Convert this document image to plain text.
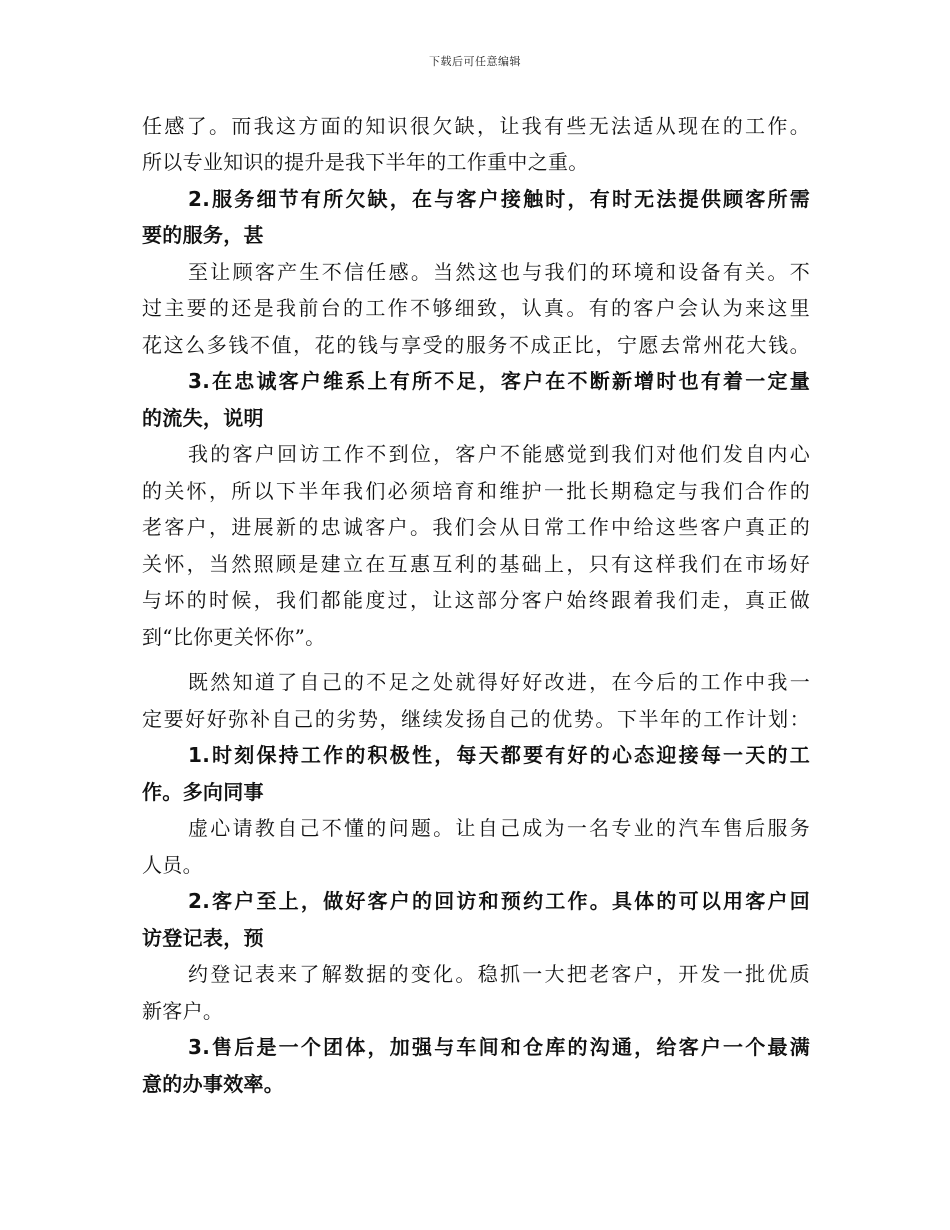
下载后可任意编辑
任感了。而我这方面的知识很欠缺，让我有些无法适从现在的工作。
所以专业知识的提升是我下半年的工作重中之重。
2.服务细节有所欠缺，在与客户接触时，有时无法提供顾客所需
要的服务，甚
至让顾客产生不信任感。当然这也与我们的环境和设备有关。不
过主要的还是我前台的工作不够细致，认真。有的客户会认为来这里
花这么多钱不值，花的钱与享受的服务不成正比，宁愿去常州花大钱。
3.在忠诚客户维系上有所不足，客户在不断新增时也有着一定量
的流失，说明
我的客户回访工作不到位，客户不能感觉到我们对他们发自内心
的关怀，所以下半年我们必须培育和维护一批长期稳定与我们合作的
老客户，进展新的忠诚客户。我们会从日常工作中给这些客户真正的
关怀，当然照顾是建立在互惠互利的基础上，只有这样我们在市场好
与坏的时候，我们都能度过，让这部分客户始终跟着我们走，真正做
到“比你更关怀你”。
既然知道了自己的不足之处就得好好改进，在今后的工作中我一
定要好好弥补自己的劣势，继续发扬自己的优势。下半年的工作计划：
1.时刻保持工作的积极性，每天都要有好的心态迎接每一天的工
作。多向同事
虚心请教自己不懂的问题。让自己成为一名专业的汽车售后服务
人员。
2.客户至上，做好客户的回访和预约工作。具体的可以用客户回
访登记表，预
约登记表来了解数据的变化。稳抓一大把老客户，开发一批优质
新客户。
3.售后是一个团体，加强与车间和仓库的沟通，给客户一个最满
意的办事效率。
